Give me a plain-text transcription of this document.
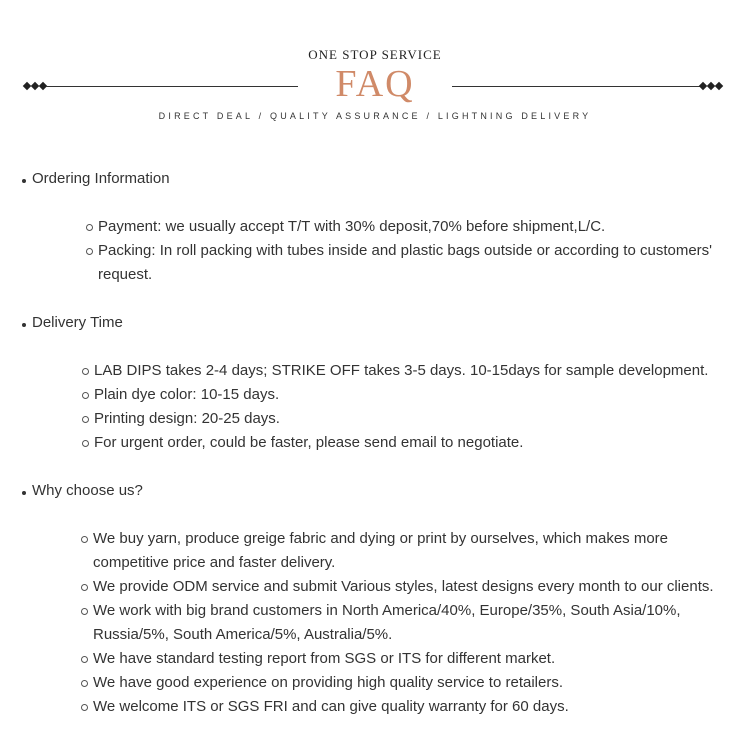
ONE STOP SERVICE
FAQ
DIRECT DEAL / QUALITY ASSURANCE / LIGHTNING DELIVERY
Ordering Information
Payment: we usually accept T/T with 30% deposit,70% before shipment,L/C.
Packing: In roll packing with tubes inside and plastic bags outside or according to customers' request.
Delivery Time
LAB DIPS takes 2-4 days; STRIKE OFF takes 3-5 days. 10-15days for sample development.
Plain dye color: 10-15 days.
Printing design: 20-25 days.
For urgent order, could be faster, please send email to negotiate.
Why choose us?
We buy yarn, produce greige fabric and dying or print by ourselves, which makes more competitive price and faster delivery.
We provide ODM service and submit Various styles, latest designs every month to our clients.
We work with big brand customers in North America/40%, Europe/35%, South Asia/10%, Russia/5%, South America/5%, Australia/5%.
We have standard testing report from SGS or ITS for different market.
We have good experience on providing high quality service to retailers.
We welcome ITS or SGS FRI and can give quality warranty for 60 days.
